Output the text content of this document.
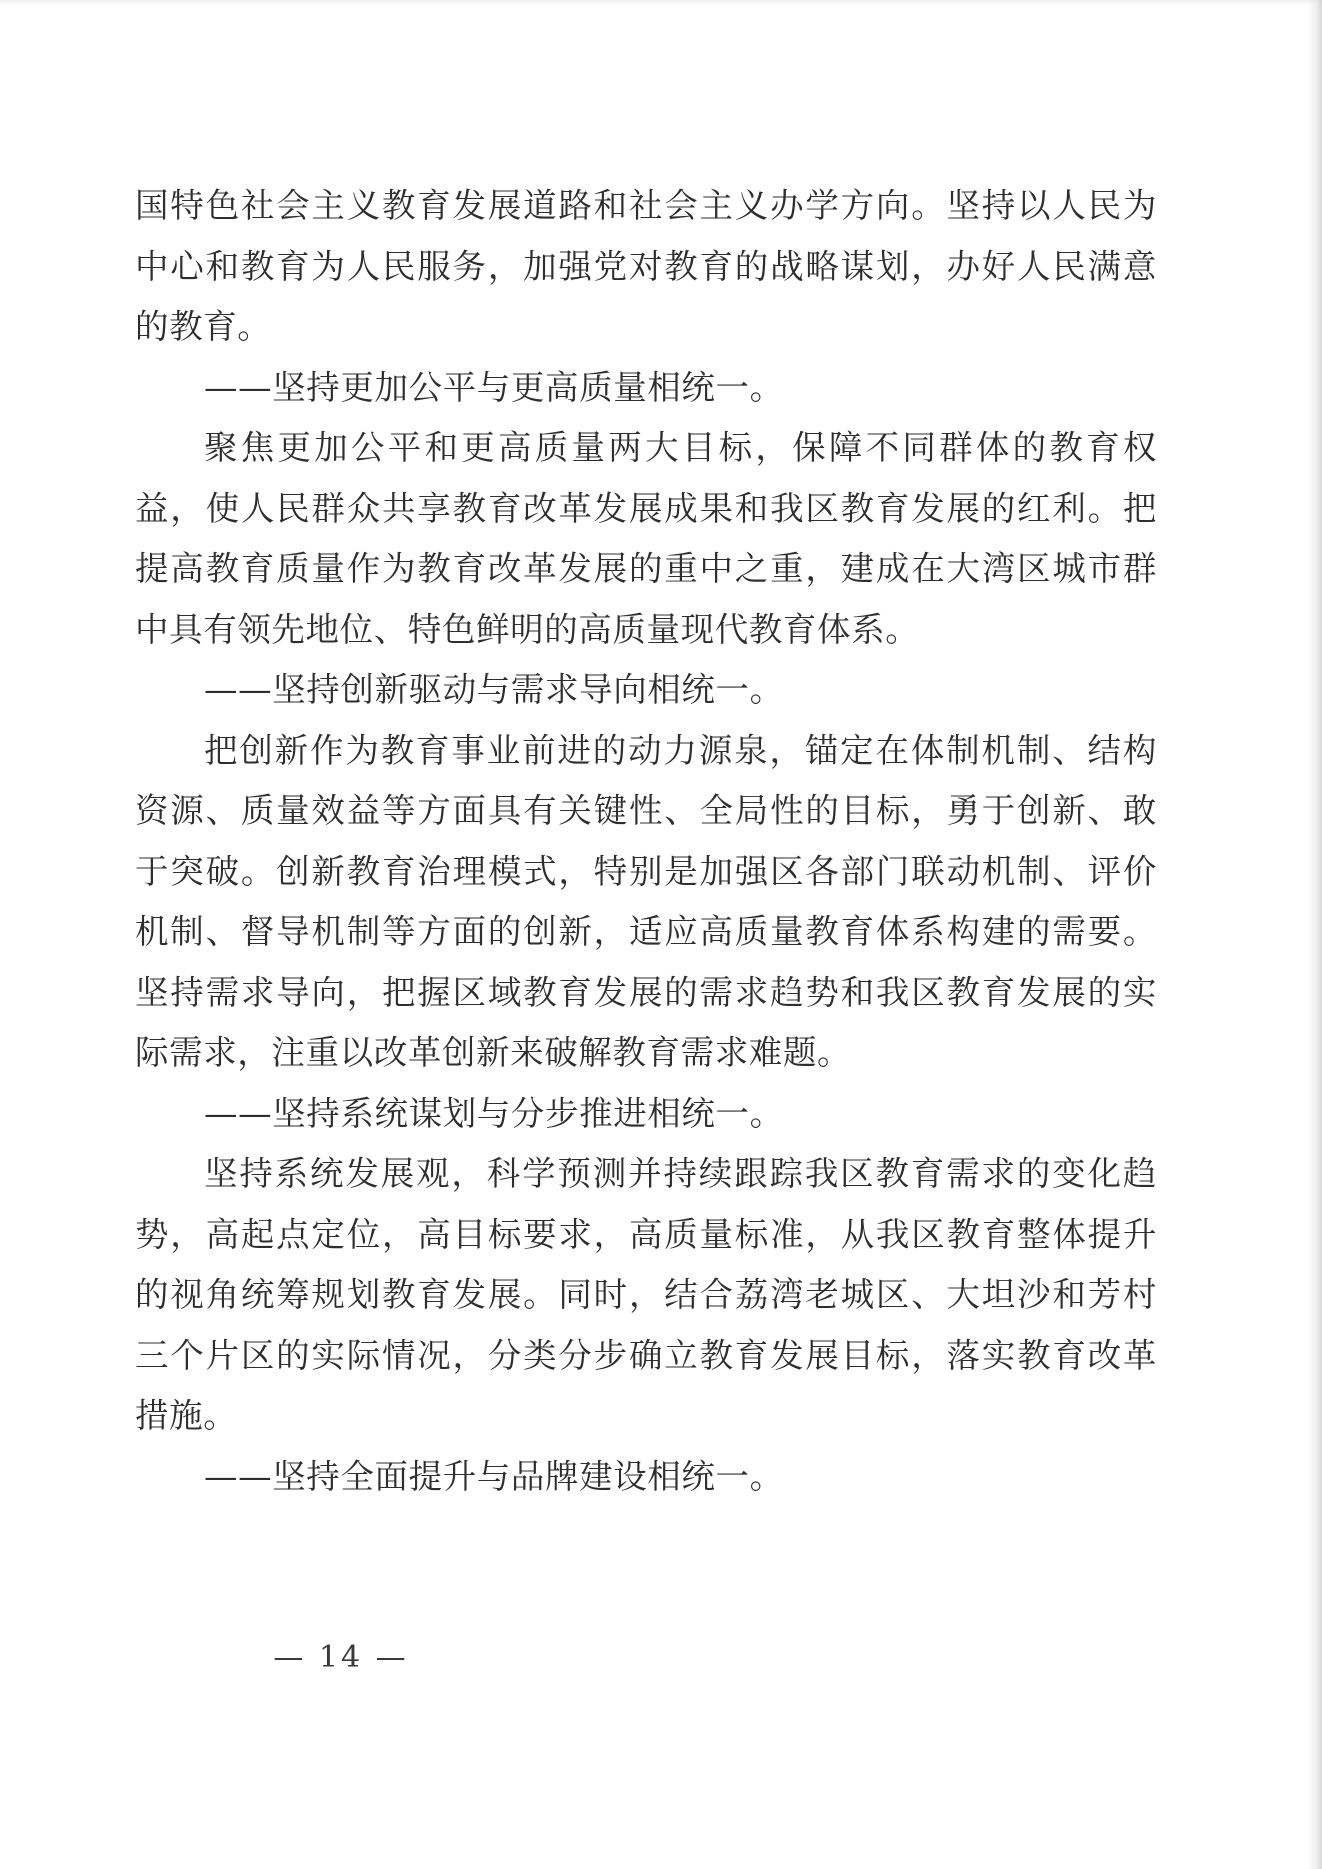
国特色社会主义教育发展道路和社会主义办学方向。坚持以人民为中心和教育为人民服务，加强党对教育的战略谋划，办好人民满意的教育。

——坚持更加公平与更高质量相统一。

聚焦更加公平和更高质量两大目标，保障不同群体的教育权益，使人民群众共享教育改革发展成果和我区教育发展的红利。把提高教育质量作为教育改革发展的重中之重，建成在大湾区城市群中具有领先地位、特色鲜明的高质量现代教育体系。

——坚持创新驱动与需求导向相统一。

把创新作为教育事业前进的动力源泉，锚定在体制机制、结构资源、质量效益等方面具有关键性、全局性的目标，勇于创新、敢于突破。创新教育治理模式，特别是加强区各部门联动机制、评价机制、督导机制等方面的创新，适应高质量教育体系构建的需要。坚持需求导向，把握区域教育发展的需求趋势和我区教育发展的实际需求，注重以改革创新来破解教育需求难题。

——坚持系统谋划与分步推进相统一。

坚持系统发展观，科学预测并持续跟踪我区教育需求的变化趋势，高起点定位，高目标要求，高质量标准，从我区教育整体提升的视角统筹规划教育发展。同时，结合荔湾老城区、大坦沙和芳村三个片区的实际情况，分类分步确立教育发展目标，落实教育改革措施。

——坚持全面提升与品牌建设相统一。

— 14 —
